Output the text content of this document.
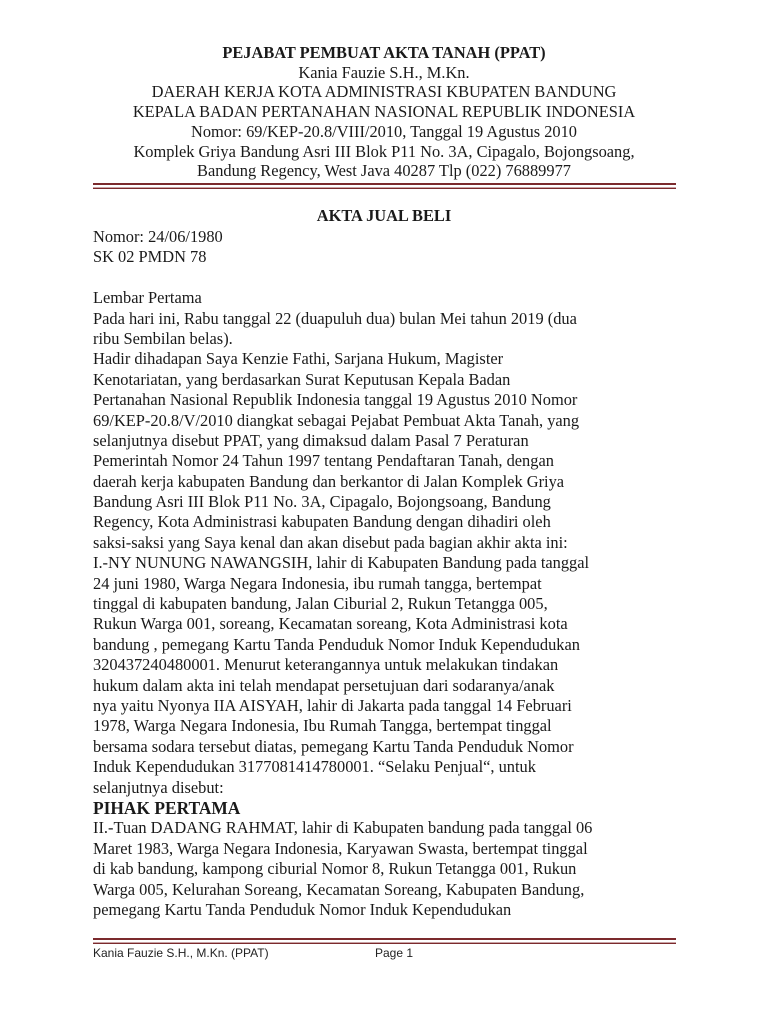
PEJABAT PEMBUAT AKTA TANAH (PPAT)
Kania Fauzie S.H., M.Kn.
DAERAH KERJA KOTA ADMINISTRASI KBUPATEN BANDUNG
KEPALA BADAN PERTANAHAN NASIONAL REPUBLIK INDONESIA
Nomor: 69/KEP-20.8/VIII/2010, Tanggal 19 Agustus 2010
Komplek Griya Bandung Asri III Blok P11 No. 3A, Cipagalo, Bojongsoang,
Bandung Regency, West Java 40287 Tlp (022) 76889977
AKTA JUAL BELI
Nomor: 24/06/1980
SK 02 PMDN 78
Lembar Pertama
Pada hari ini, Rabu tanggal 22 (duapuluh dua) bulan Mei tahun 2019 (dua
ribu Sembilan belas).
Hadir dihadapan Saya Kenzie Fathi, Sarjana Hukum, Magister
Kenotariatan, yang berdasarkan Surat Keputusan Kepala Badan
Pertanahan Nasional Republik Indonesia tanggal 19 Agustus 2010 Nomor
69/KEP-20.8/V/2010 diangkat sebagai Pejabat Pembuat Akta Tanah, yang
selanjutnya disebut PPAT, yang dimaksud dalam Pasal 7 Peraturan
Pemerintah Nomor 24 Tahun 1997 tentang Pendaftaran Tanah, dengan
daerah kerja kabupaten Bandung dan berkantor di Jalan Komplek Griya
Bandung Asri III Blok P11 No. 3A, Cipagalo, Bojongsoang, Bandung
Regency, Kota Administrasi kabupaten Bandung dengan dihadiri oleh
saksi-saksi yang Saya kenal dan akan disebut pada bagian akhir akta ini:
I.-NY NUNUNG NAWANGSIH, lahir di Kabupaten Bandung pada tanggal
24 juni 1980, Warga Negara Indonesia, ibu rumah tangga, bertempat
tinggal di kabupaten bandung, Jalan Ciburial 2, Rukun Tetangga 005,
Rukun Warga 001, soreang, Kecamatan soreang, Kota Administrasi kota
bandung , pemegang Kartu Tanda Penduduk Nomor Induk Kependudukan
320437240480001. Menurut keterangannya untuk melakukan tindakan
hukum dalam akta ini telah mendapat persetujuan dari sodaranya/anak
nya yaitu Nyonya IIA AISYAH, lahir di Jakarta pada tanggal 14 Februari
1978, Warga Negara Indonesia, Ibu Rumah Tangga, bertempat tinggal
bersama sodara tersebut diatas, pemegang Kartu Tanda Penduduk Nomor
Induk Kependudukan 3177081414780001. “Selaku Penjual“, untuk
selanjutnya disebut:
PIHAK PERTAMA
II.-Tuan DADANG RAHMAT, lahir di Kabupaten bandung pada tanggal 06
Maret 1983, Warga Negara Indonesia, Karyawan Swasta, bertempat tinggal
di kab bandung, kampong ciburial Nomor 8, Rukun Tetangga 001, Rukun
Warga 005, Kelurahan Soreang, Kecamatan Soreang, Kabupaten Bandung,
pemegang Kartu Tanda Penduduk Nomor Induk Kependudukan
Kania Fauzie S.H., M.Kn. (PPAT)	Page 1
